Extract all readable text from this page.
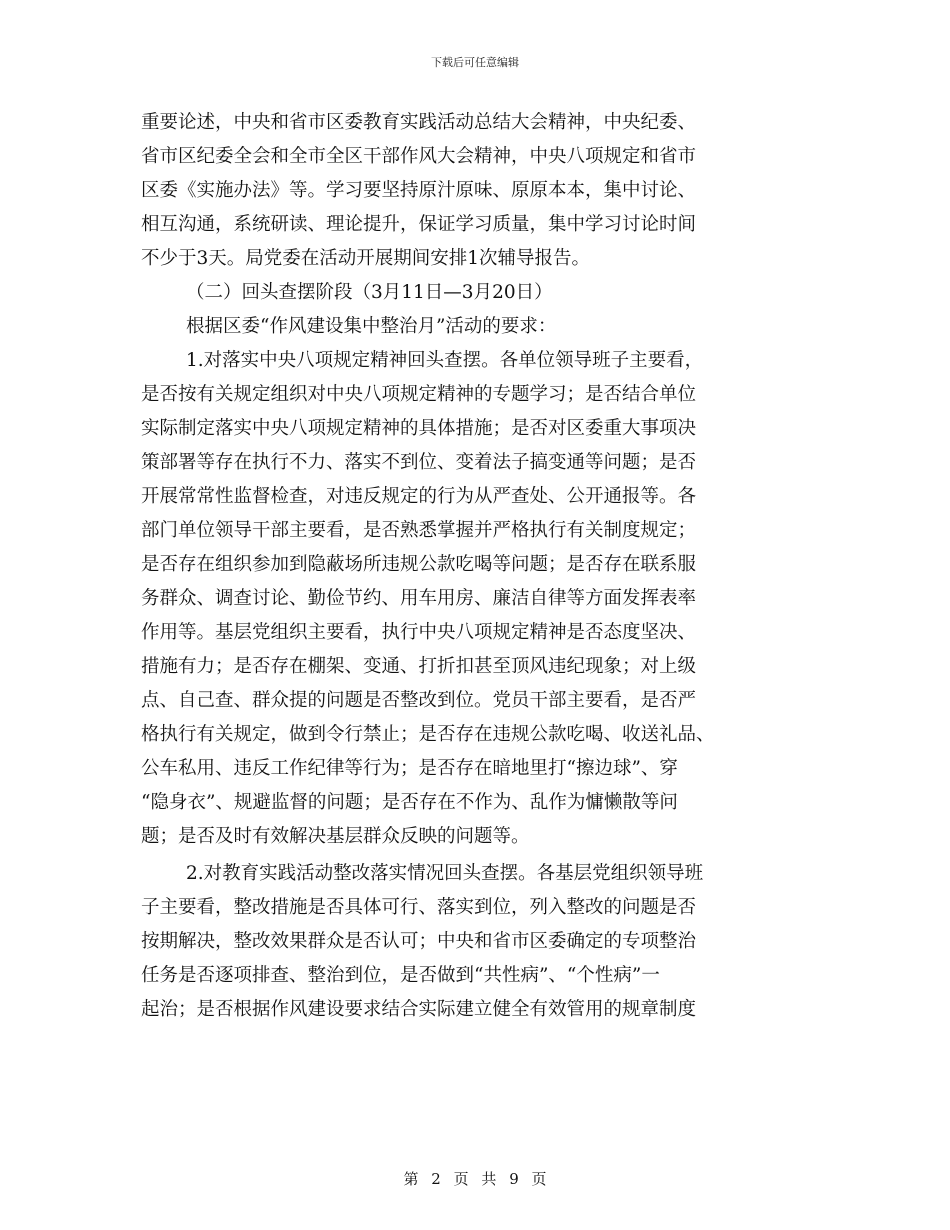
下载后可任意编辑
重要论述，中央和省市区委教育实践活动总结大会精神，中央纪委、
省市区纪委全会和全市全区干部作风大会精神，中央八项规定和省市
区委《实施办法》等。学习要坚持原汁原味、原原本本，集中讨论、
相互沟通，系统研读、理论提升，保证学习质量，集中学习讨论时间
不少于3天。局党委在活动开展期间安排1次辅导报告。
（二）回头查摆阶段（3月11日—3月20日）
根据区委“作风建设集中整治月”活动的要求：
1.对落实中央八项规定精神回头查摆。各单位领导班子主要看，
是否按有关规定组织对中央八项规定精神的专题学习；是否结合单位
实际制定落实中央八项规定精神的具体措施；是否对区委重大事项决
策部署等存在执行不力、落实不到位、变着法子搞变通等问题；是否
开展常常性监督检查，对违反规定的行为从严查处、公开通报等。各
部门单位领导干部主要看，是否熟悉掌握并严格执行有关制度规定；
是否存在组织参加到隐蔽场所违规公款吃喝等问题；是否存在联系服
务群众、调查讨论、勤俭节约、用车用房、廉洁自律等方面发挥表率
作用等。基层党组织主要看，执行中央八项规定精神是否态度坚决、
措施有力；是否存在棚架、变通、打折扣甚至顶风违纪现象；对上级
点、自己查、群众提的问题是否整改到位。党员干部主要看，是否严
格执行有关规定，做到令行禁止；是否存在违规公款吃喝、收送礼品、
公车私用、违反工作纪律等行为；是否存在暗地里打“擦边球”、穿
“隐身衣”、规避监督的问题；是否存在不作为、乱作为慵懒散等问
题；是否及时有效解决基层群众反映的问题等。
2.对教育实践活动整改落实情况回头查摆。各基层党组织领导班
子主要看，整改措施是否具体可行、落实到位，列入整改的问题是否
按期解决，整改效果群众是否认可；中央和省市区委确定的专项整治
任务是否逐项排查、整治到位，是否做到“共性病”、“个性病”一
起治；是否根据作风建设要求结合实际建立健全有效管用的规章制度
第 2 页 共 9 页
